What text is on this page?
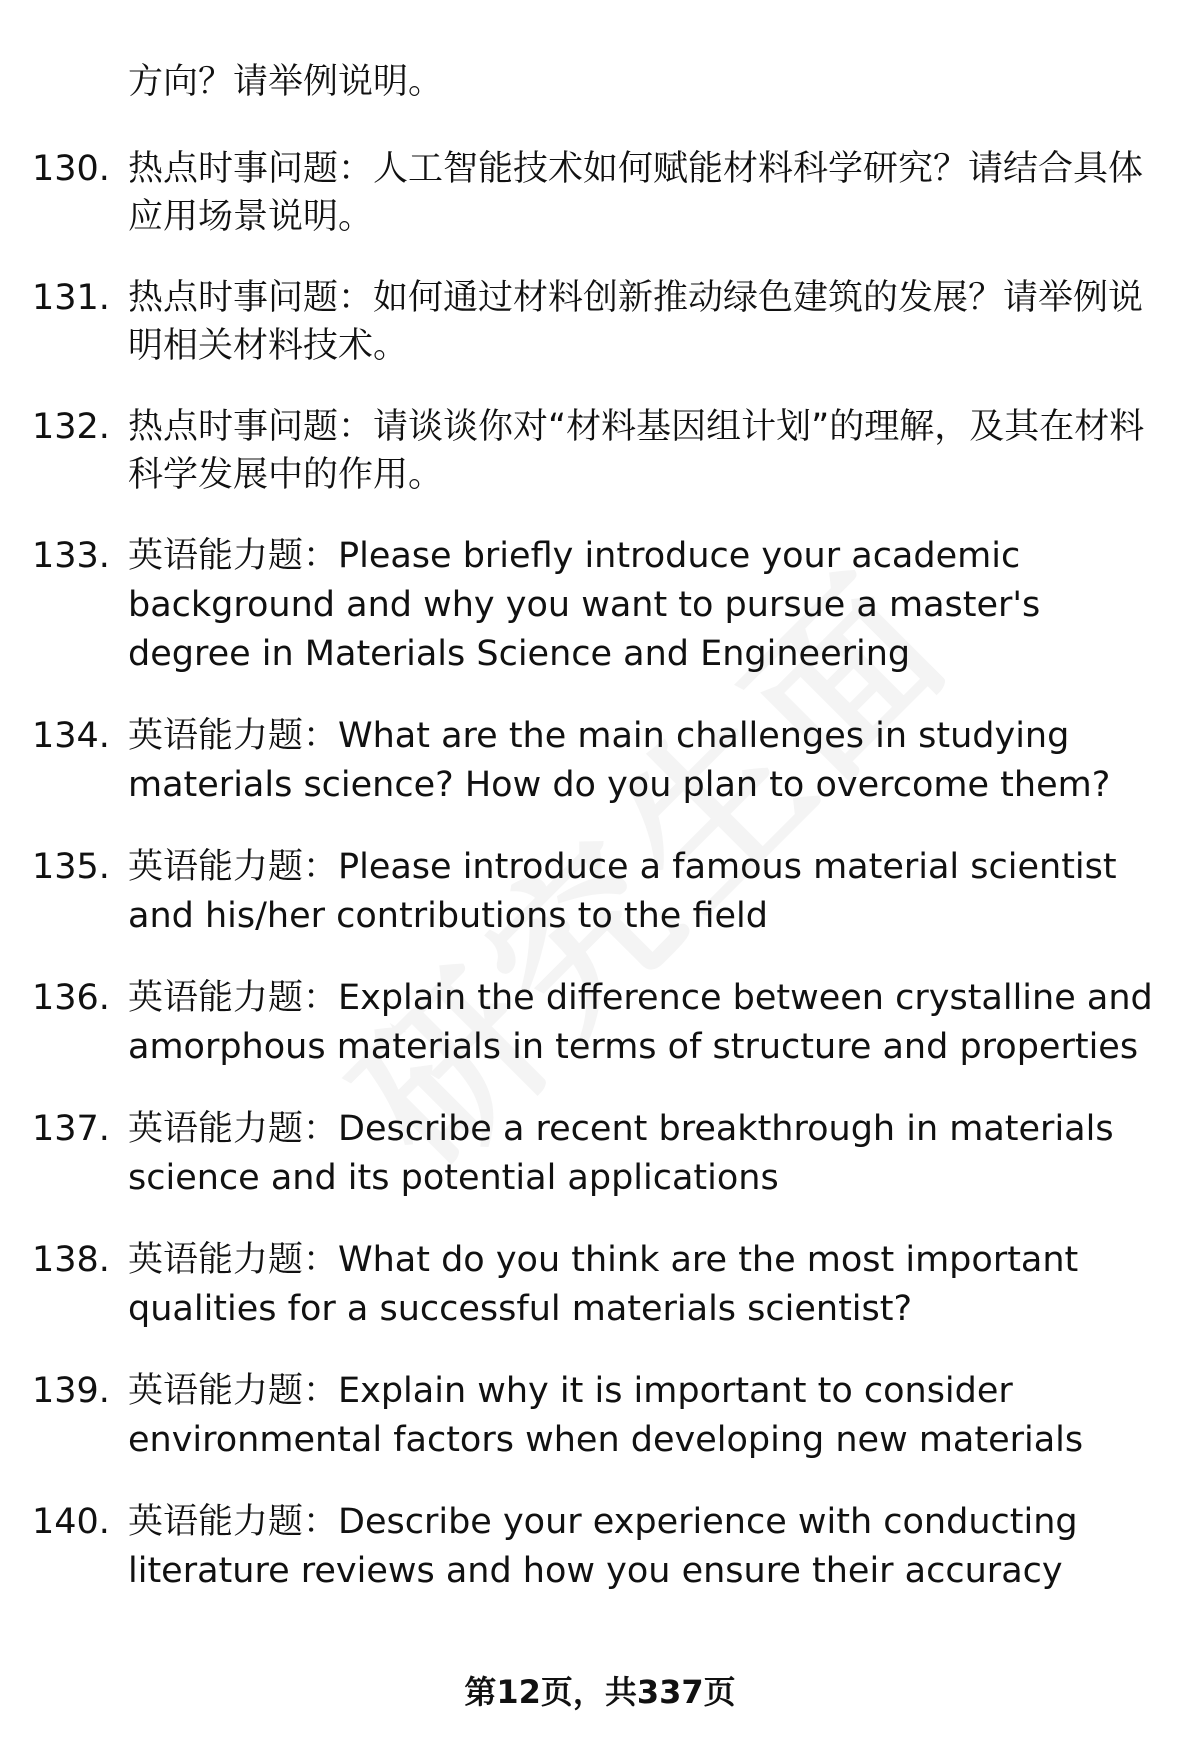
方向？请举例说明。
130. 热点时事问题：人工智能技术如何赋能材料科学研究？请结合具体应用场景说明。
131. 热点时事问题：如何通过材料创新推动绿色建筑的发展？请举例说明相关材料技术。
132. 热点时事问题：请谈谈你对“材料基因组计划”的理解，及其在材料科学发展中的作用。
133. 英语能力题：Please briefly introduce your academic background and why you want to pursue a master's degree in Materials Science and Engineering
134. 英语能力题：What are the main challenges in studying materials science? How do you plan to overcome them?
135. 英语能力题：Please introduce a famous material scientist and his/her contributions to the field
136. 英语能力题：Explain the difference between crystalline and amorphous materials in terms of structure and properties
137. 英语能力题：Describe a recent breakthrough in materials science and its potential applications
138. 英语能力题：What do you think are the most important qualities for a successful materials scientist?
139. 英语能力题：Explain why it is important to consider environmental factors when developing new materials
140. 英语能力题：Describe your experience with conducting literature reviews and how you ensure their accuracy
第12页，共337页
